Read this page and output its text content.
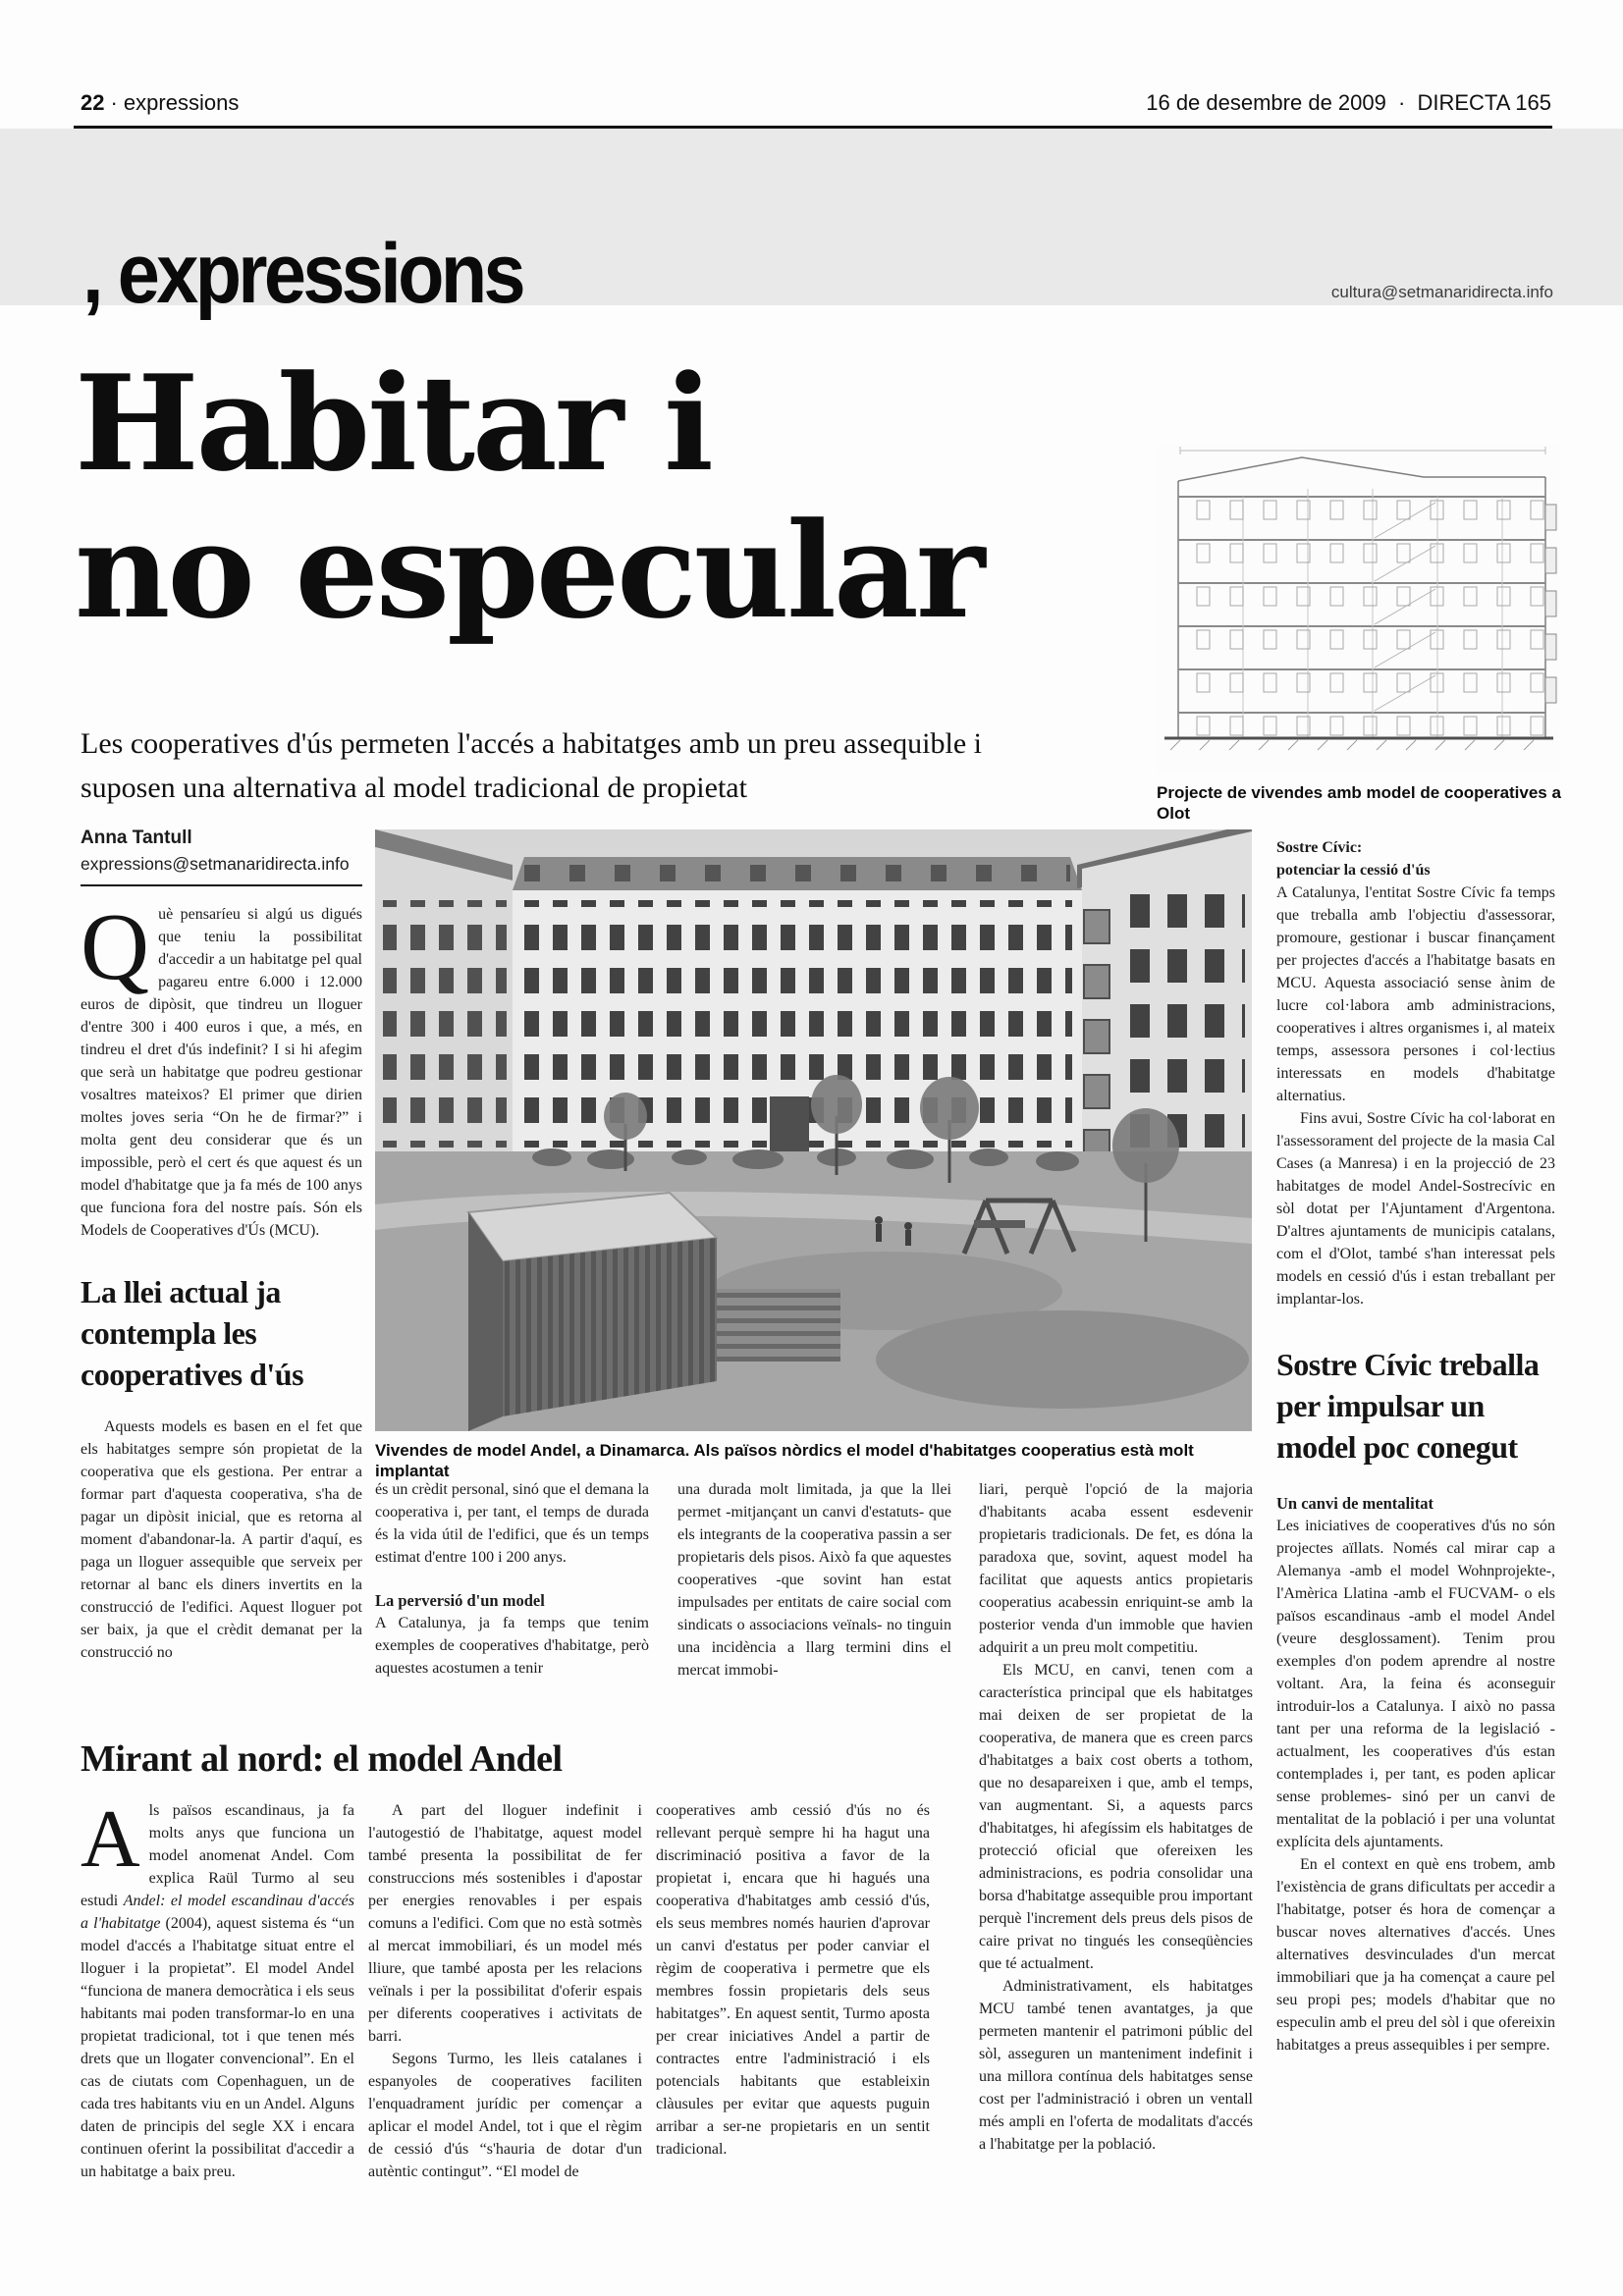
22 · expressions	16 de desembre de 2009 · DIRECTA 165
, expressions	cultura@setmanaridirecta.info
Habitar i
no especular
Projecte de vivendes amb model de cooperatives a Olot
Les cooperatives d'ús permeten l'accés a habitatges amb un preu assequible i suposen una alternativa al model tradicional de propietat
Anna Tantull
expressions@setmanaridirecta.info

Què pensaríeu si algú us digués que teniu la possibilitat d'accedir a un habitatge pel qual pagareu entre 6.000 i 12.000 euros de dipòsit, que tindreu un lloguer d'entre 300 i 400 euros i que, a més, en tindreu el dret d'ús indefinit? I si hi afegim que serà un habitatge que podreu gestionar vosaltres mateixos? El primer que dirien moltes joves seria “On he de firmar?” i molta gent deu considerar que és un impossible, però el cert és que aquest és un model d'habitatge que ja fa més de 100 anys que funciona fora del nostre país. Són els Models de Cooperatives d'Ús (MCU).

La llei actual ja contempla les cooperatives d'ús

Aquests models es basen en el fet que els habitatges sempre són propietat de la cooperativa que els gestiona. Per entrar a formar part d'aquesta cooperativa, s'ha de pagar un dipòsit inicial, que es retorna al moment d'abandonar-la. A partir d'aquí, es paga un lloguer assequible que serveix per retornar al banc els diners invertits en la construcció de l'edifici. Aquest lloguer pot ser baix, ja que el crèdit demanat per la construcció no

Vivendes de model Andel, a Dinamarca. Als països nòrdics el model d'habitatges cooperatius està molt implantat

és un crèdit personal, sinó que el demana la cooperativa i, per tant, el temps de durada és la vida útil de l'edifici, que és un temps estimat d'entre 100 i 200 anys.

La perversió d'un model

A Catalunya, ja fa temps que tenim exemples de cooperatives d'habitatge, però aquestes acostumen a tenir

una durada molt limitada, ja que la llei permet -mitjançant un canvi d'estatuts- que els integrants de la cooperativa passin a ser propietaris dels pisos. Això fa que aquestes cooperatives -que sovint han estat impulsades per entitats de caire social com sindicats o associacions veïnals- no tinguin una incidència a llarg termini dins el mercat immobi-

liari, perquè l'opció de la majoria d'habitants acaba essent esdevenir propietaris tradicionals. De fet, es dóna la paradoxa que, sovint, aquest model ha facilitat que aquests antics propietaris cooperatius acabessin enriquint-se amb la posterior venda d'un immoble que havien adquirit a un preu molt competitiu.

Els MCU, en canvi, tenen com a característica principal que els habitatges mai deixen de ser propietat de la cooperativa, de manera que es creen parcs d'habitatges a baix cost oberts a tothom, que no desapareixen i que, amb el temps, van augmentant. Si, a aquests parcs d'habitatges, hi afegíssim els habitatges de protecció oficial que ofereixen les administracions, es podria consolidar una borsa d'habitatge assequible prou important perquè l'increment dels preus dels pisos de caire privat no tingués les conseqüències que té actualment.

Administrativament, els habitatges MCU també tenen avantatges, ja que permeten mantenir el patrimoni públic del sòl, asseguren un manteniment indefinit i una millora contínua dels habitatges sense cost per l'administració i obren un ventall més ampli en l'oferta de modalitats d'accés a l'habitatge per la població.

Sostre Cívic:
potenciar la cessió d'ús

A Catalunya, l'entitat Sostre Cívic fa temps que treballa amb l'objectiu d'assessorar, promoure, gestionar i buscar finançament per projectes d'accés a l'habitatge basats en MCU. Aquesta associació sense ànim de lucre col·labora amb administracions, cooperatives i altres organismes i, al mateix temps, assessora persones i col·lectius interessats en models d'habitatge alternatius.

Fins avui, Sostre Cívic ha col·laborat en l'assessorament del projecte de la masia Cal Cases (a Manresa) i en la projecció de 23 habitatges de model Andel-Sostrecívic en sòl dotat per l'Ajuntament d'Argentona. D'altres ajuntaments de municipis catalans, com el d'Olot, també s'han interessat pels models en cessió d'ús i estan treballant per implantar-los.

Sostre Cívic treballa per impulsar un model poc conegut
Un canvi de mentalitat

Les iniciatives de cooperatives d'ús no són projectes aïllats. Només cal mirar cap a Alemanya -amb el model Wohnprojekte-, l'Amèrica Llatina -amb el FUCVAM- o els països escandinaus -amb el model Andel (veure desglossament). Tenim prou exemples d'on podem aprendre al nostre voltant. Ara, la feina és aconseguir introduir-los a Catalunya. I això no passa tant per una reforma de la legislació -actualment, les cooperatives d'ús estan contemplades i, per tant, es poden aplicar sense problemes- sinó per un canvi de mentalitat de la població i per una voluntat explícita dels ajuntaments.

En el context en què ens trobem, amb l'existència de grans dificultats per accedir a l'habitatge, potser és hora de començar a buscar noves alternatives d'accés. Unes alternatives desvinculades d'un mercat immobiliari que ja ha començat a caure pel seu propi pes; models d'habitar que no especulin amb el preu del sòl i que ofereixin habitatges a preus assequibles i per sempre.

Mirant al nord: el model Andel

Als països escandinaus, ja fa molts anys que funciona un model anomenat Andel. Com explica Raül Turmo al seu estudi Andel: el model escandinau d'accés a l'habitatge (2004), aquest sistema és “un model d'accés a l'habitatge situat entre el lloguer i la propietat”. El model Andel “funciona de manera democràtica i els seus habitants mai poden transformar-lo en una propietat tradicional, tot i que tenen més drets que un llogater convencional”. En el cas de ciutats com Copenhaguen, un de cada tres habitants viu en un Andel. Alguns daten de principis del segle XX i encara continuen oferint la possibilitat d'accedir a un habitatge a baix preu.

A part del lloguer indefinit i l'autogestió de l'habitatge, aquest model també presenta la possibilitat de fer construccions més sostenibles i d'apostar per energies renovables i per espais comuns a l'edifici. Com que no està sotmès al mercat immobiliari, és un model més lliure, que també aposta per les relacions veïnals i per la possibilitat d'oferir espais per diferents cooperatives i activitats de barri.

Segons Turmo, les lleis catalanes i espanyoles de cooperatives faciliten l'enquadrament jurídic per començar a aplicar el model Andel, tot i que el règim de cessió d'ús “s'hauria de dotar d'un autèntic contingut”. “El model de

cooperatives amb cessió d'ús no és rellevant perquè sempre hi ha hagut una discriminació positiva a favor de la propietat i, encara que hi hagués una cooperativa d'habitatges amb cessió d'ús, els seus membres només haurien d'aprovar un canvi d'estatus per poder canviar el règim de cooperativa i permetre que els membres fossin propietaris dels seus habitatges”. En aquest sentit, Turmo aposta per crear iniciatives Andel a partir de contractes entre l'administració i els potencials habitants que estableixin clàusules per evitar que aquests puguin arribar a ser-ne propietaris en un sentit tradicional.
